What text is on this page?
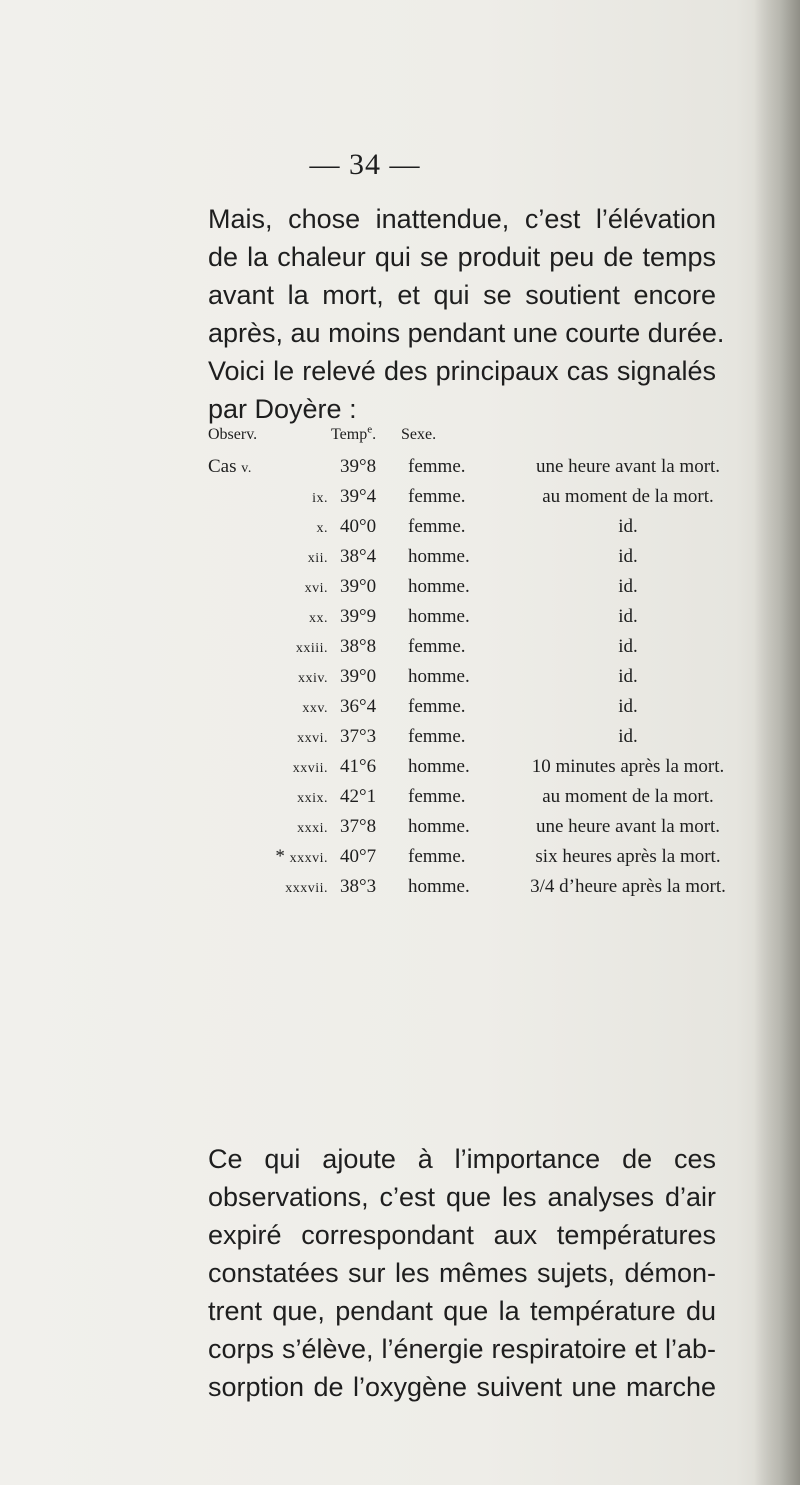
— 34 —
Mais, chose inattendue, c’est l’élévation
de la chaleur qui se produit peu de temps
avant la mort, et qui se soutient encore
après, au moins pendant une courte durée.
Voici le relevé des principaux cas signalés
par Doyère :
Observ.	Temp$^e$. Sexe.
Cas v.	39°8 femme.	une heure avant la mort.
ix. 39°4 femme.	au moment de la mort.
x. 40°0 femme.	id.
xii. 38°4 homme.	id.
xvi. 39°0 homme.	id.
xx. 39°9 homme.	id.
xxiii. 38°8 femme.	id.
xxiv. 39°0 homme.	id.
xxv. 36°4 femme.	id.
xxvi. 37°3 femme.	id.
xxvii. 41°6 homme.	10 minutes après la mort.
xxix. 42°1 femme.	au moment de la mort.
xxxi. 37°8 homme.	une heure avant la mort.
* xxxvi. 40°7 femme.	six heures après la mort.
xxxvii. 38°3 homme.	3/4 d’heure après la mort.
Ce qui ajoute à l’importance de ces
observations, c’est que les analyses d’air
expiré correspondant aux températures
constatées sur les mêmes sujets, démon-
trent que, pendant que la température du
corps s’élève, l’énergie respiratoire et l’ab-
sorption de l’oxygène suivent une marche
